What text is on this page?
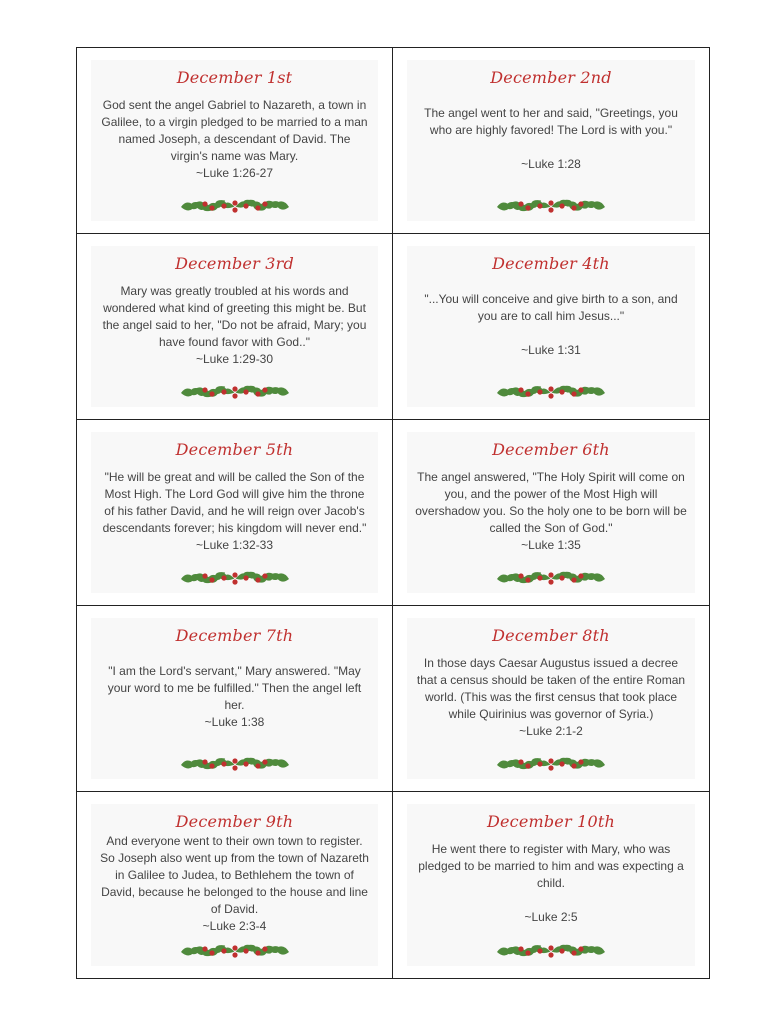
December 1st

God sent the angel Gabriel to Nazareth, a town in Galilee, to a virgin pledged to be married to a man named Joseph, a descendant of David. The virgin's name was Mary.

~Luke 1:26-27

December 2nd

The angel went to her and said, "Greetings, you who are highly favored! The Lord is with you."

~Luke 1:28

December 3rd

Mary was greatly troubled at his words and wondered what kind of greeting this might be. But the angel said to her, "Do not be afraid, Mary; you have found favor with God.."

~Luke 1:29-30

December 4th

"...You will conceive and give birth to a son, and you are to call him Jesus..."

~Luke 1:31

December 5th

"He will be great and will be called the Son of the Most High. The Lord God will give him the throne of his father David, and he will reign over Jacob's descendants forever; his kingdom will never end."

~Luke 1:32-33

December 6th

The angel answered, "The Holy Spirit will come on you, and the power of the Most High will overshadow you. So the holy one to be born will be called the Son of God."

~Luke 1:35

December 7th

"I am the Lord's servant," Mary answered. "May your word to me be fulfilled." Then the angel left her.

~Luke 1:38

December 8th

In those days Caesar Augustus issued a decree that a census should be taken of the entire Roman world. (This was the first census that took place while Quirinius was governor of Syria.)

~Luke 2:1-2

December 9th

And everyone went to their own town to register. So Joseph also went up from the town of Nazareth in Galilee to Judea, to Bethlehem the town of David, because he belonged to the house and line of David.

~Luke 2:3-4

December 10th

He went there to register with Mary, who was pledged to be married to him and was expecting a child.

~Luke 2:5
